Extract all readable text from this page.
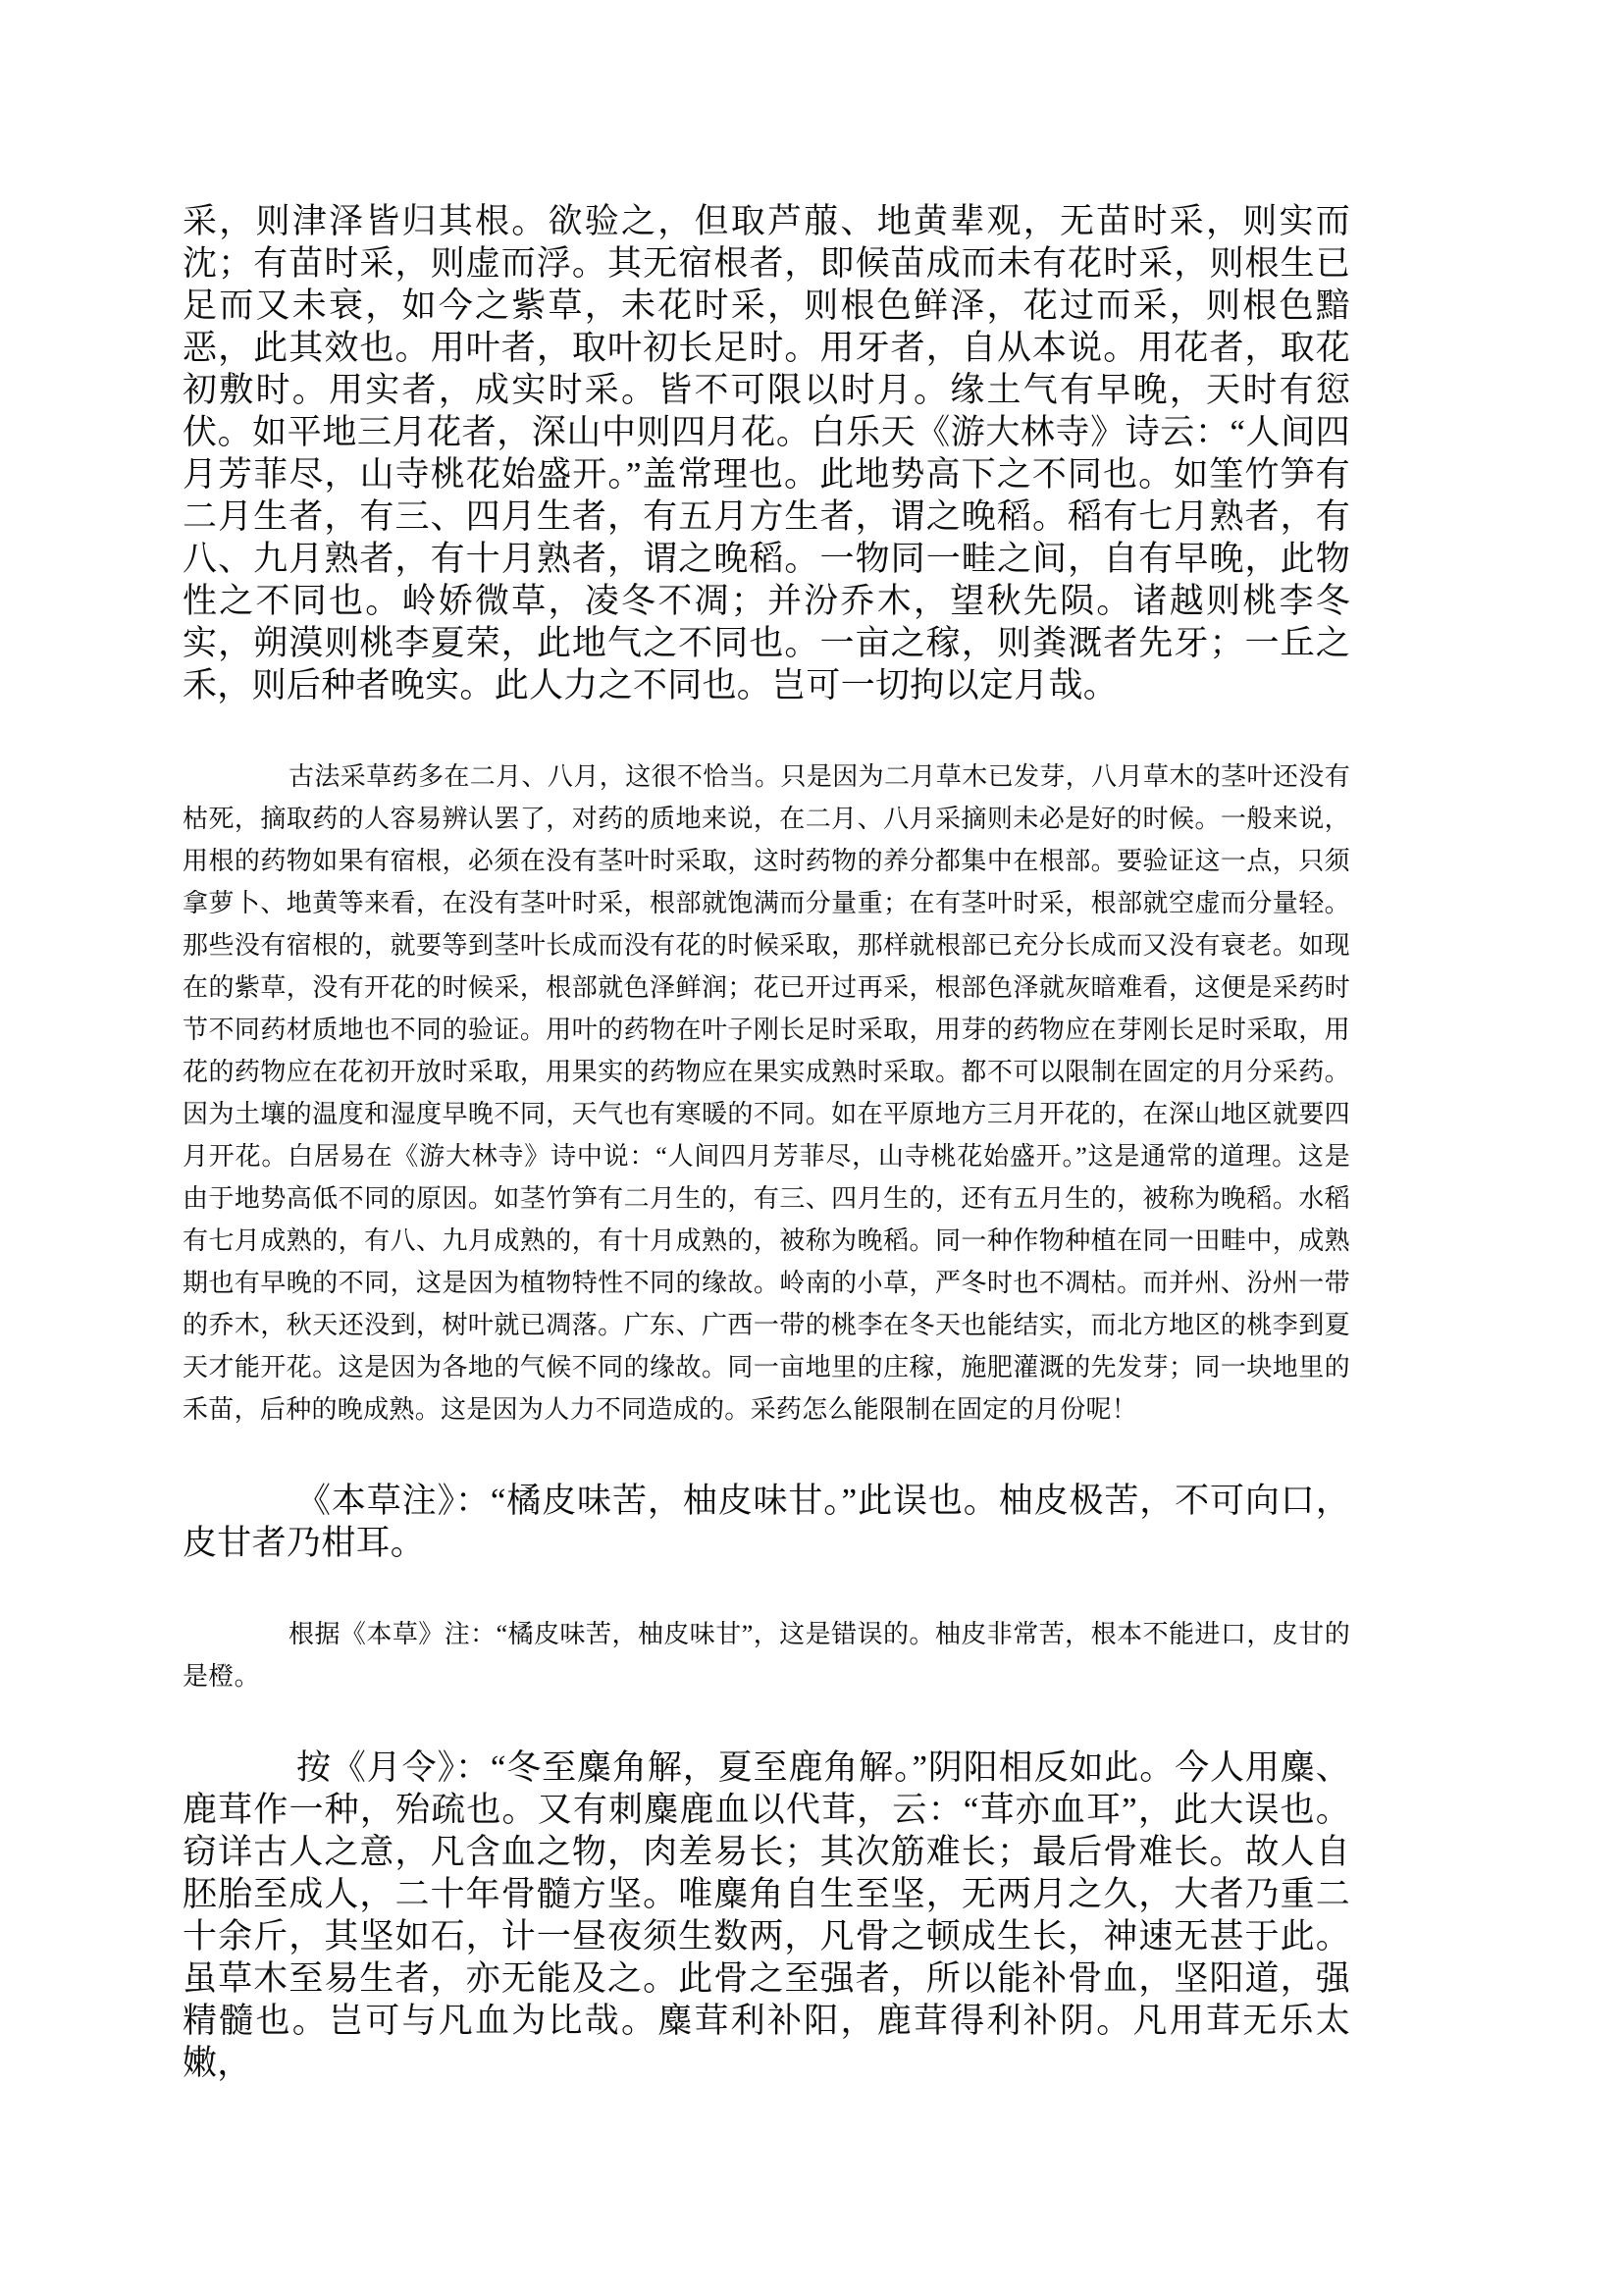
采，则津泽皆归其根。欲验之，但取芦菔、地黄辈观，无苗时采，则实而沈；有苗时采，则虚而浮。其无宿根者，即候苗成而未有花时采，则根生已足而又未衰，如今之紫草，未花时采，则根色鲜泽，花过而采，则根色黯恶，此其效也。用叶者，取叶初长足时。用牙者，自从本说。用花者，取花初敷时。用实者，成实时采。皆不可限以时月。缘土气有早晚，天时有愆伏。如平地三月花者，深山中则四月花。白乐天《游大林寺》诗云：“人间四月芳菲尽，山寺桃花始盛开。”盖常理也。此地势高下之不同也。如筀竹笋有二月生者，有三、四月生者，有五月方生者，谓之晚稻。稻有七月熟者，有八、九月熟者，有十月熟者，谓之晚稻。一物同一畦之间，自有早晚，此物性之不同也。岭娇微草，凌冬不凋；并汾乔木，望秋先陨。诸越则桃李冬实，朔漠则桃李夏荣，此地气之不同也。一亩之稼，则粪溉者先牙；一丘之禾，则后种者晚实。此人力之不同也。岂可一切拘以定月哉。

古法采草药多在二月、八月，这很不恰当。只是因为二月草木已发芽，八月草木的茎叶还没有枯死，摘取药的人容易辨认罢了，对药的质地来说，在二月、八月采摘则未必是好的时候。一般来说，用根的药物如果有宿根，必须在没有茎叶时采取，这时药物的养分都集中在根部。要验证这一点，只须拿萝卜、地黄等来看，在没有茎叶时采，根部就饱满而分量重；在有茎叶时采，根部就空虚而分量轻。那些没有宿根的，就要等到茎叶长成而没有花的时候采取，那样就根部已充分长成而又没有衰老。如现在的紫草，没有开花的时候采，根部就色泽鲜润；花已开过再采，根部色泽就灰暗难看，这便是采药时节不同药材质地也不同的验证。用叶的药物在叶子刚长足时采取，用芽的药物应在芽刚长足时采取，用花的药物应在花初开放时采取，用果实的药物应在果实成熟时采取。都不可以限制在固定的月分采药。因为土壤的温度和湿度早晚不同，天气也有寒暖的不同。如在平原地方三月开花的，在深山地区就要四月开花。白居易在《游大林寺》诗中说：“人间四月芳菲尽，山寺桃花始盛开。”这是通常的道理。这是由于地势高低不同的原因。如茎竹笋有二月生的，有三、四月生的，还有五月生的，被称为晚稻。水稻有七月成熟的，有八、九月成熟的，有十月成熟的，被称为晚稻。同一种作物种植在同一田畦中，成熟期也有早晚的不同，这是因为植物特性不同的缘故。岭南的小草，严冬时也不凋枯。而并州、汾州一带的乔木，秋天还没到，树叶就已凋落。广东、广西一带的桃李在冬天也能结实，而北方地区的桃李到夏天才能开花。这是因为各地的气候不同的缘故。同一亩地里的庄稼，施肥灌溉的先发芽；同一块地里的禾苗，后种的晚成熟。这是因为人力不同造成的。采药怎么能限制在固定的月份呢！

《本草注》：“橘皮味苦，柚皮味甘。”此误也。柚皮极苦，不可向口，皮甘者乃柑耳。

根据《本草》注：“橘皮味苦，柚皮味甘”，这是错误的。柚皮非常苦，根本不能进口，皮甘的是橙。

按《月令》：“冬至麋角解，夏至鹿角解。”阴阳相反如此。今人用麋、鹿茸作一种，殆疏也。又有刺麋鹿血以代茸，云：“茸亦血耳”，此大误也。窃详古人之意，凡含血之物，肉差易长；其次筋难长；最后骨难长。故人自胚胎至成人，二十年骨髓方坚。唯麋角自生至坚，无两月之久，大者乃重二十余斤，其坚如石，计一昼夜须生数两，凡骨之顿成生长，神速无甚于此。虽草木至易生者，亦无能及之。此骨之至强者，所以能补骨血，坚阳道，强精髓也。岂可与凡血为比哉。麋茸利补阳，鹿茸得利补阴。凡用茸无乐太嫩，
